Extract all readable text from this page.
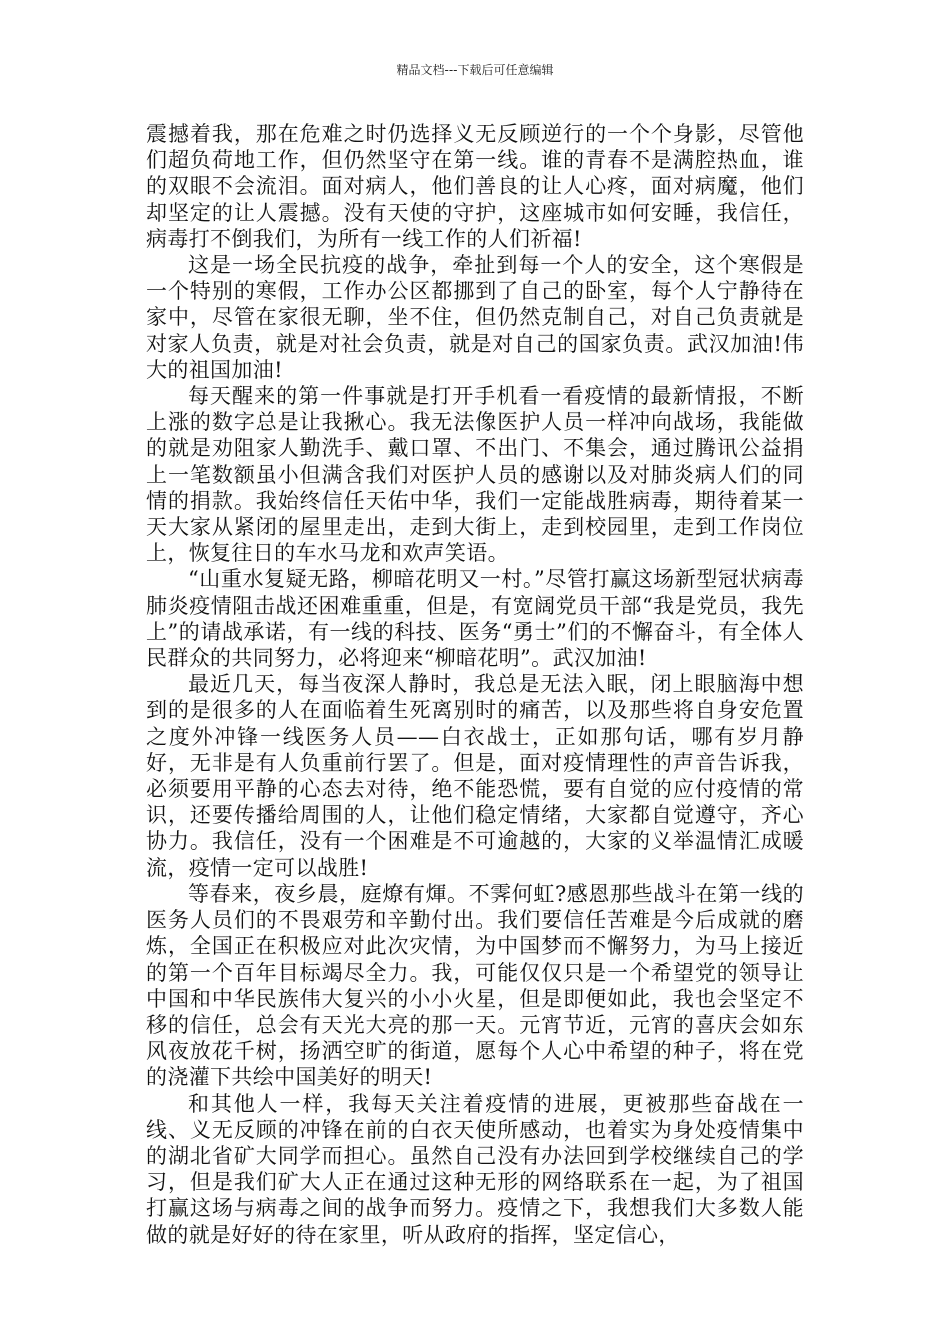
精品文档---下载后可任意编辑

震撼着我，那在危难之时仍选择义无反顾逆行的一个个身影，尽管他们超负荷地工作，但仍然坚守在第一线。谁的青春不是满腔热血，谁的双眼不会流泪。面对病人，他们善良的让人心疼，面对病魔，他们却坚定的让人震撼。没有天使的守护，这座城市如何安睡，我信任，病毒打不倒我们，为所有一线工作的人们祈福!

这是一场全民抗疫的战争，牵扯到每一个人的安全，这个寒假是一个特别的寒假，工作办公区都挪到了自己的卧室，每个人宁静待在家中，尽管在家很无聊，坐不住，但仍然克制自己，对自己负责就是对家人负责，就是对社会负责，就是对自己的国家负责。武汉加油!伟大的祖国加油!

每天醒来的第一件事就是打开手机看一看疫情的最新情报，不断上涨的数字总是让我揪心。我无法像医护人员一样冲向战场，我能做的就是劝阻家人勤洗手、戴口罩、不出门、不集会，通过腾讯公益捐上一笔数额虽小但满含我们对医护人员的感谢以及对肺炎病人们的同情的捐款。我始终信任天佑中华，我们一定能战胜病毒，期待着某一天大家从紧闭的屋里走出，走到大街上，走到校园里，走到工作岗位上，恢复往日的车水马龙和欢声笑语。

“山重水复疑无路，柳暗花明又一村。”尽管打赢这场新型冠状病毒肺炎疫情阻击战还困难重重，但是，有宽阔党员干部“我是党员，我先上”的请战承诺，有一线的科技、医务“勇士”们的不懈奋斗，有全体人民群众的共同努力，必将迎来“柳暗花明”。武汉加油!

最近几天，每当夜深人静时，我总是无法入眠，闭上眼脑海中想到的是很多的人在面临着生死离别时的痛苦，以及那些将自身安危置之度外冲锋一线医务人员——白衣战士，正如那句话，哪有岁月静好，无非是有人负重前行罢了。但是，面对疫情理性的声音告诉我，必须要用平静的心态去对待，绝不能恐慌，要有自觉的应付疫情的常识，还要传播给周围的人，让他们稳定情绪，大家都自觉遵守，齐心协力。我信任，没有一个困难是不可逾越的，大家的义举温情汇成暖流，疫情一定可以战胜!

等春来，夜乡晨，庭燎有煇。不霁何虹?感恩那些战斗在第一线的医务人员们的不畏艰劳和辛勤付出。我们要信任苦难是今后成就的磨炼，全国正在积极应对此次灾情，为中国梦而不懈努力，为马上接近的第一个百年目标竭尽全力。我，可能仅仅只是一个希望党的领导让中国和中华民族伟大复兴的小小火星，但是即便如此，我也会坚定不移的信任，总会有天光大亮的那一天。元宵节近，元宵的喜庆会如东风夜放花千树，扬洒空旷的街道，愿每个人心中希望的种子，将在党的浇灌下共绘中国美好的明天!

和其他人一样，我每天关注着疫情的进展，更被那些奋战在一线、义无反顾的冲锋在前的白衣天使所感动，也着实为身处疫情集中的湖北省矿大同学而担心。虽然自己没有办法回到学校继续自己的学习，但是我们矿大人正在通过这种无形的网络联系在一起，为了祖国打赢这场与病毒之间的战争而努力。疫情之下，我想我们大多数人能做的就是好好的待在家里，听从政府的指挥，坚定信心，
